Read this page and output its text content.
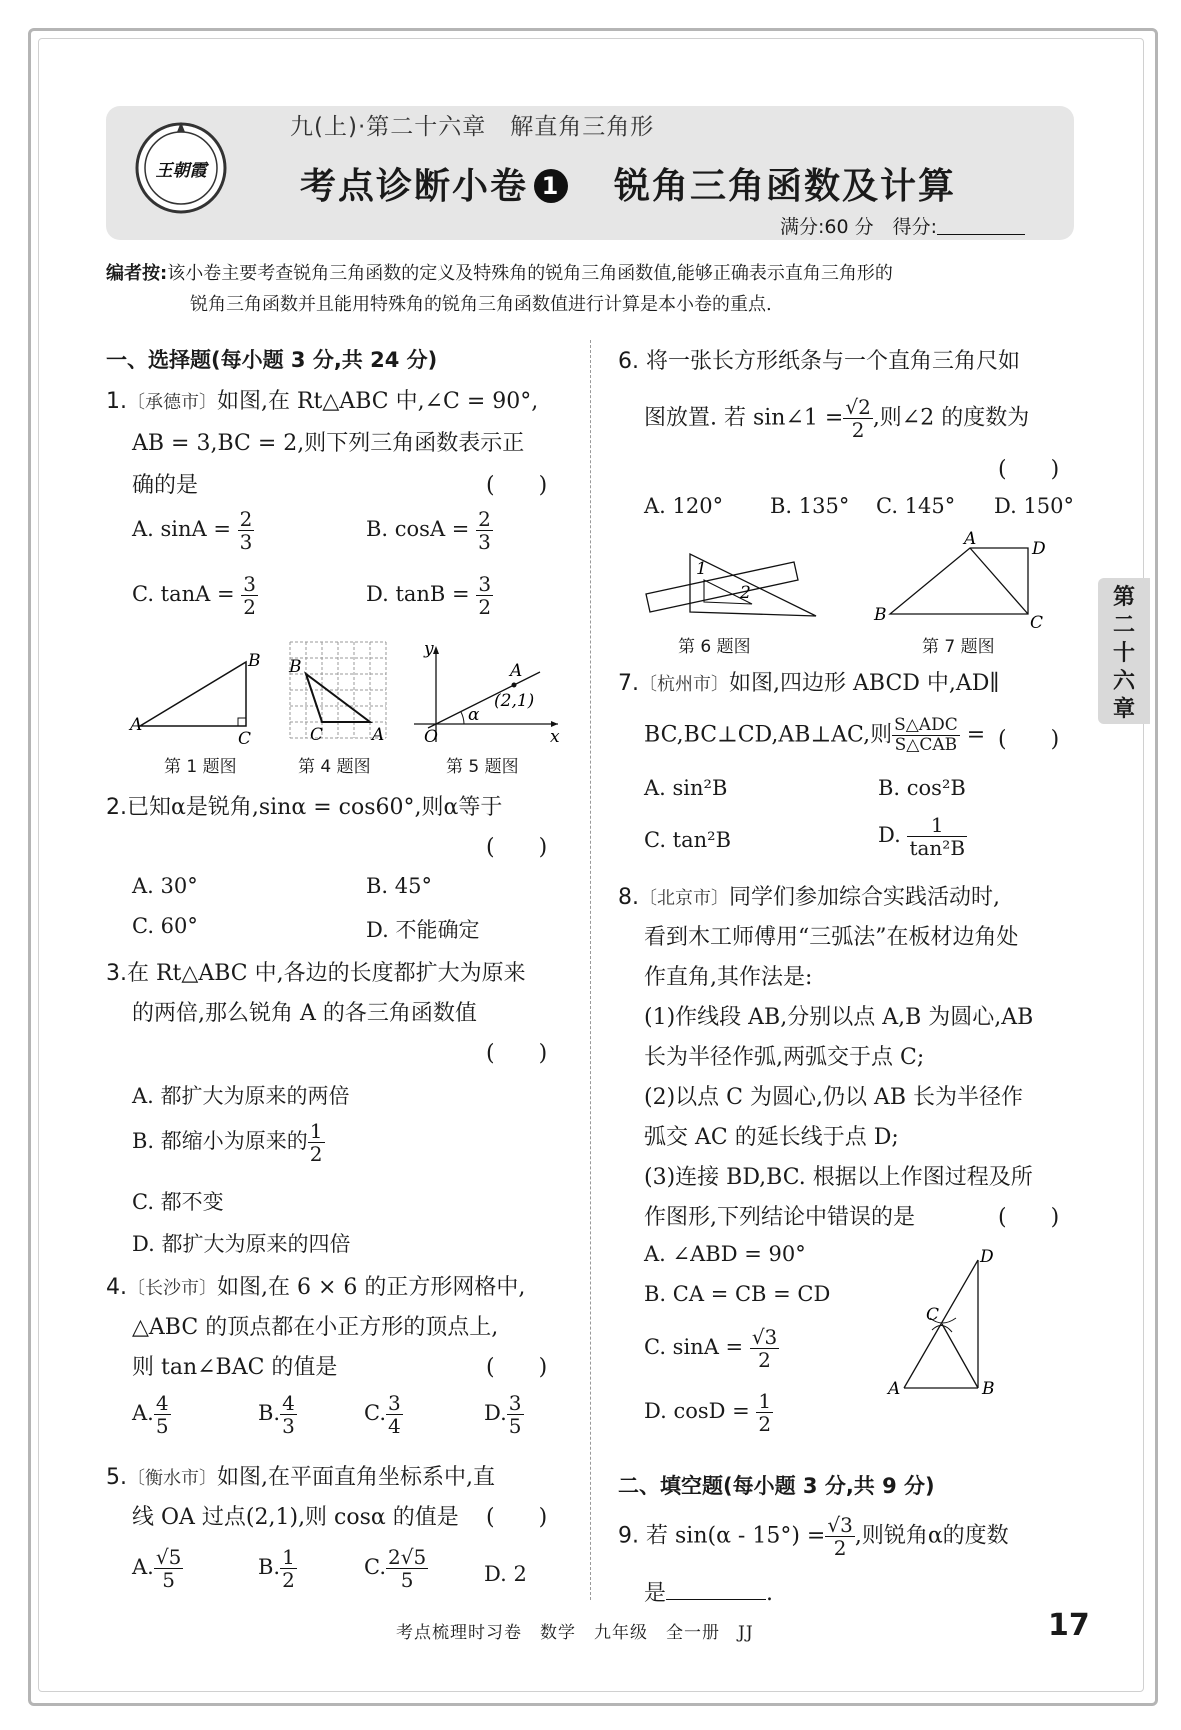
王朝霞
九(上)·第二十六章　解直角三角形
考点诊断小卷 1 锐角三角函数及计算
满分:60 分　 得分:
编者按:该小卷主要考查锐角三角函数的定义及特殊角的锐角三角函数值,能够正确表示直角三角形的
锐角三角函数并且能用特殊角的锐角三角函数值进行计算是本小卷的重点.
一、选择题(每小题 3 分,共 24 分)
1.〔承德市〕如图,在 Rt△ABC 中,∠C = 90°,
AB = 3,BC = 2,则下列三角函数表示正
确的是	(　　)
A. $\sin A = \frac{2}{3}$	B. $\cos A = \frac{2}{3}$
C. $\tan A = \frac{3}{2}$	D. $\tan B = \frac{3}{2}$
A
B
C
第 1 题图
B
C	A
第 4 题图
y
x
O
A
α
(2,1)
第 5 题图
2.已知α是锐角,sinα = cos60°,则α等于
(　　)
A. 30°	B. 45°
C. 60°	D. 不能确定
3.在 Rt△ABC 中,各边的长度都扩大为原来
的两倍,那么锐角 A 的各三角函数值
(　　)
A. 都扩大为原来的两倍
B. 都缩小为原来的 $\frac{1}{2}$
C. 都不变
D. 都扩大为原来的四倍
4.〔长沙市〕如图,在 6 × 6 的正方形网格中,
△ABC 的顶点都在小正方形的顶点上,
则 tan∠BAC 的值是	(　　)
A. $\frac{4}{5}$	B. $\frac{4}{3}$	C. $\frac{3}{4}$	D. $\frac{3}{5}$
5.〔衡水市〕如图,在平面直角坐标系中,直
线 OA 过点(2,1),则 cosα 的值是 (　　)
A. $\frac{√5}{5}$	B. $\frac{1}{2}$	C. $\frac{2√5}{5}$	D. 2
6. 将一张长方形纸条与一个直角三角尺如
图放置. 若 sin∠1 = $\frac{√2}{2}$ ,则∠2 的度数为
(　　)
A. 120° B. 135° C. 145° D. 150°
1
2
第 6 题图
A	D
B	C
第 7 题图
7.〔杭州市〕如图,四边形 ABCD 中,AD∥
BC,BC⊥CD,AB⊥AC,则 $\frac{\text{S△ADC}}{\text{S△CAB}}$ = (　　)
A. sin²B	B. cos²B
C. tan²B	D. $\frac{1}{\text{tan²B}}$
8.〔北京市〕同学们参加综合实践活动时,
看到木工师傅用“三弧法”在板材边角处
作直角,其作法是:
(1)作线段 AB,分别以点 A,B 为圆心,AB
长为半径作弧,两弧交于点 C;
(2)以点 C 为圆心,仍以 AB 长为半径作
弧交 AC 的延长线于点 D;
(3)连接 BD,BC. 根据以上作图过程及所
作图形,下列结论中错误的是	(　　)
A. ∠ABD = 90°
B. CA = CB = CD
C. $\sin A = \frac{√3}{2}$
D. $\cos D = \frac{1}{2}$
D
C
A	B
二、填空题(每小题 3 分,共 9 分)
9. 若 $\sin(\alpha - 15^\circ) = \frac{√3}{2}$ ,则锐角α的度数
是	.
第二十六章
考点梳理时习卷　数学　九年级　全一册　JJ	17
